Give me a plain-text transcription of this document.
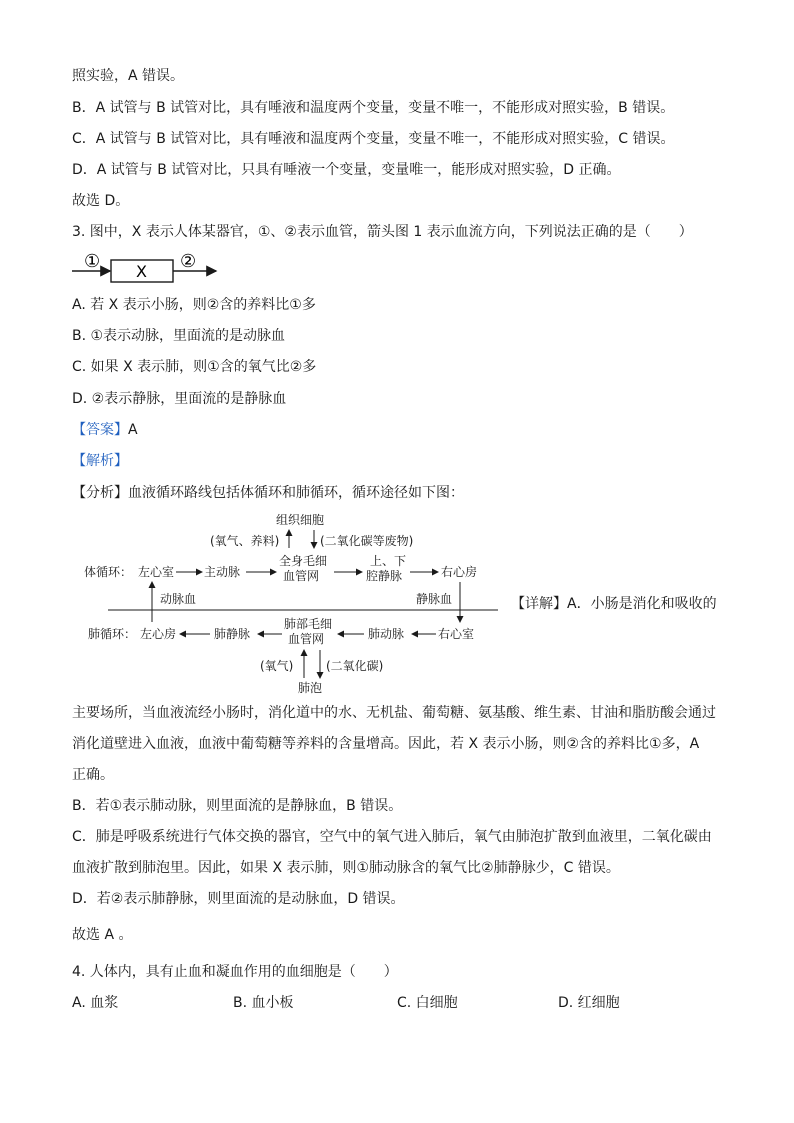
照实验，A 错误。
B．A 试管与 B 试管对比，具有唾液和温度两个变量，变量不唯一，不能形成对照实验，B 错误。
C．A 试管与 B 试管对比，具有唾液和温度两个变量，变量不唯一，不能形成对照实验，C 错误。
D．A 试管与 B 试管对比，只具有唾液一个变量，变量唯一，能形成对照实验，D 正确。
故选 D。
3. 图中，X 表示人体某器官，①、②表示血管，箭头图 1 表示血流方向，下列说法正确的是（　　）
① X ②
A. 若 X 表示小肠，则②含的养料比①多
B. ①表示动脉，里面流的是动脉血
C. 如果 X 表示肺，则①含的氧气比②多
D. ②表示静脉，里面流的是静脉血
【答案】A
【解析】
【分析】血液循环路线包括体循环和肺循环，循环途径如下图：
组织细胞
(氧气、养料)	(二氧化碳等废物)
体循环： 左心室 主动脉
全身毛细
血管网
上、下
腔静脉	右心房
动脉血	静脉血
肺循环： 左心房	肺静脉
肺部毛细
血管网	肺动脉	右心室
(氧气)	(二氧化碳)
肺泡
【详解】A．小肠是消化和吸收的
主要场所，当血液流经小肠时，消化道中的水、无机盐、葡萄糖、氨基酸、维生素、甘油和脂肪酸会通过
消化道壁进入血液，血液中葡萄糖等养料的含量增高。因此，若 X 表示小肠，则②含的养料比①多，A
正确。
B．若①表示肺动脉，则里面流的是静脉血，B 错误。
C．肺是呼吸系统进行气体交换的器官，空气中的氧气进入肺后，氧气由肺泡扩散到血液里，二氧化碳由
血液扩散到肺泡里。因此，如果 X 表示肺，则①肺动脉含的氧气比②肺静脉少，C 错误。
D．若②表示肺静脉，则里面流的是动脉血，D 错误。
故选 A 。
4. 人体内，具有止血和凝血作用的血细胞是（　　）
A. 血浆	B. 血小板	C. 白细胞	D. 红细胞
